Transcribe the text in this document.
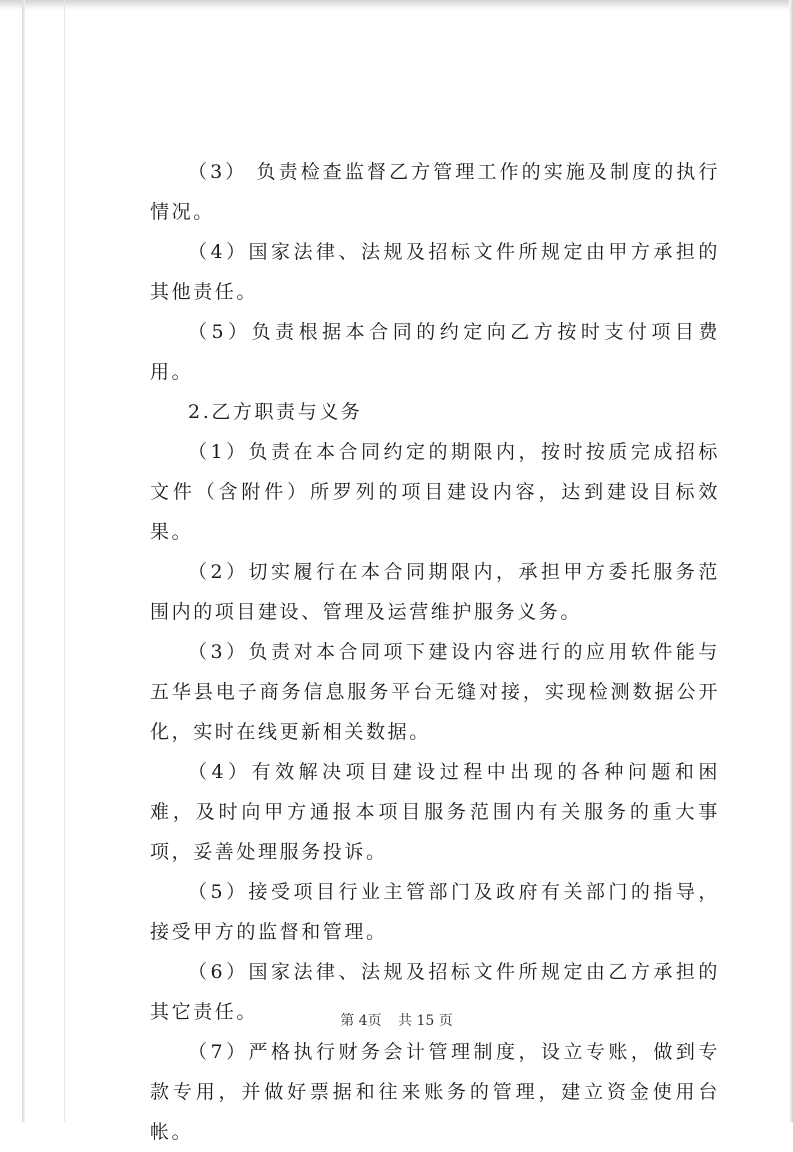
（3） 负责检查监督乙方管理工作的实施及制度的执行情况。

（4）国家法律、法规及招标文件所规定由甲方承担的其他责任。

（5）负责根据本合同的约定向乙方按时支付项目费用。

2.乙方职责与义务

（1）负责在本合同约定的期限内，按时按质完成招标文件（含附件）所罗列的项目建设内容，达到建设目标效果。

（2）切实履行在本合同期限内，承担甲方委托服务范围内的项目建设、管理及运营维护服务义务。

（3）负责对本合同项下建设内容进行的应用软件能与五华县电子商务信息服务平台无缝对接，实现检测数据公开化，实时在线更新相关数据。

（4）有效解决项目建设过程中出现的各种问题和困难，及时向甲方通报本项目服务范围内有关服务的重大事项，妥善处理服务投诉。

（5）接受项目行业主管部门及政府有关部门的指导，接受甲方的监督和管理。

（6）国家法律、法规及招标文件所规定由乙方承担的其它责任。

（7）严格执行财务会计管理制度，设立专账，做到专款专用，并做好票据和往来账务的管理，建立资金使用台帐。

第 4页 共 15 页
